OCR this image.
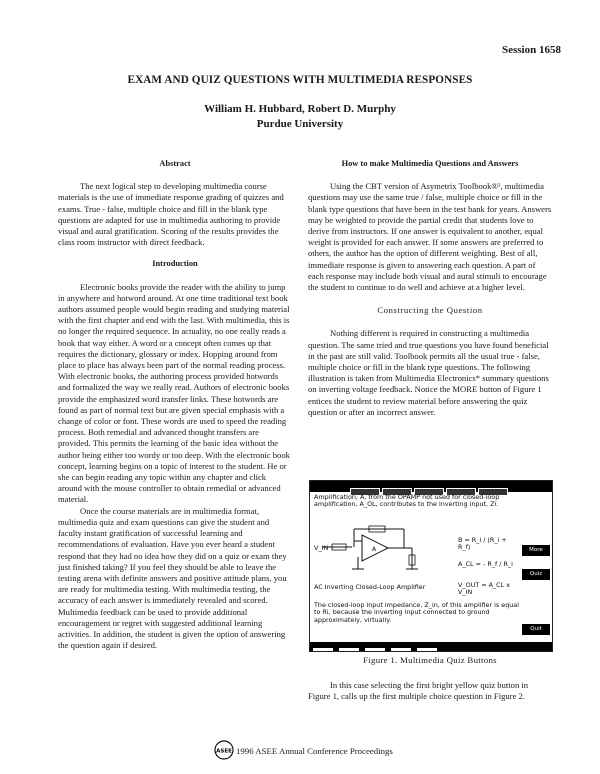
Session 1658
EXAM AND QUIZ QUESTIONS WITH MULTIMEDIA RESPONSES
William H. Hubbard, Robert D. Murphy
Purdue University

Abstract

The next logical step to developing multimedia course materials is the use of immediate response grading of quizzes and exams. True - false, multiple choice and fill in the blank type questions are adapted for use in multimedia authoring to provide visual and aural gratification. Scoring of the results provides the class room instructor with direct feedback.

Introduction

Electronic books provide the reader with the ability to jump in anywhere and hotword around. At one time traditional text book authors assumed people would begin reading and studying material with the first chapter and end with the last. With multimedia, this is no longer the required sequence. In actuality, no one really reads a book that way either. A word or a concept often comes up that requires the dictionary, glossary or index. Hopping around from place to place has always been part of the normal reading process. With electronic books, the authoring process provided hotwords and formalized the way we really read. Authors of electronic books provide the emphasized word transfer links. These hotwords are found as part of normal text but are given special emphasis with a change of color or font. These words are used to speed the reading process. Both remedial and advanced thought transfers are provided. This permits the learning of the basic idea without the author being either too wordy or too deep. With the electronic book concept, learning begins on a topic of interest to the student. He or she can begin reading any topic within any chapter and click around with the mouse controller to obtain remedial or advanced material.

Once the course materials are in multimedia format, multimedia quiz and exam questions can give the student and faculty instant gratification of successful learning and recommendations of evaluation. Have you ever heard a student respond that they had no idea how they did on a quiz or exam they just finished taking? If you feel they should be able to leave the testing arena with definite answers and positive attitude plans, you are ready for multimedia testing. With multimedia testing, the accuracy of each answer is immediately revealed and scored. Multimedia feedback can be used to provide additional encouragement or regret with suggested additional learning activities. In addition, the student is given the option of answering the question again if desired.

How to make Multimedia Questions and Answers

Using the CBT version of Asymetrix Toolbook®¹, multimedia questions may use the same true / false, multiple choice or fill in the blank type questions that have been in the test bank for years. Answers may be weighted to provide the partial credit that students love to derive from instructors. If one answer is equivalent to another, equal weight is provided for each answer. If some answers are preferred to others, the author has the option of different weighting. Best of all, immediate response is given to answering each question. A part of each response may include both visual and aural stimuli to encourage the student to continue to do well and achieve at a higher level.

Constructing the Question

Nothing different is required in constructing a multimedia question. The same tried and true questions you have found beneficial in the past are still valid. Toolbook permits all the usual true - false, multiple choice or fill in the blank type questions. The following illustration is taken from Multimedia Electronics* summary questions on inverting voltage feedback. Notice the MORE button of Figure 1 entices the student to review material before answering the quiz question or after an incorrect answer.

Amplification, A, from the OPAMP not used for closed-loop amplification, A_OL, contributes to the inverting input, Zi.
A
V_IN
AC Inverting Closed-Loop Amplifier
B = R_i / (R_i + R_f)
A_CL = - R_f / R_i
V_OUT = A_CL x V_IN
The closed-loop input impedance, Z_in, of this amplifier is equal to Ri, because the inverting input connected to ground approximately, virtually.
More
Quiz
Quit
Figure 1. Multimedia Quiz Buttons

In this case selecting the first bright yellow quiz button in Figure 1, calls up the first multiple choice question in Figure 2.

ASEE 1996 ASEE Annual Conference Proceedings
